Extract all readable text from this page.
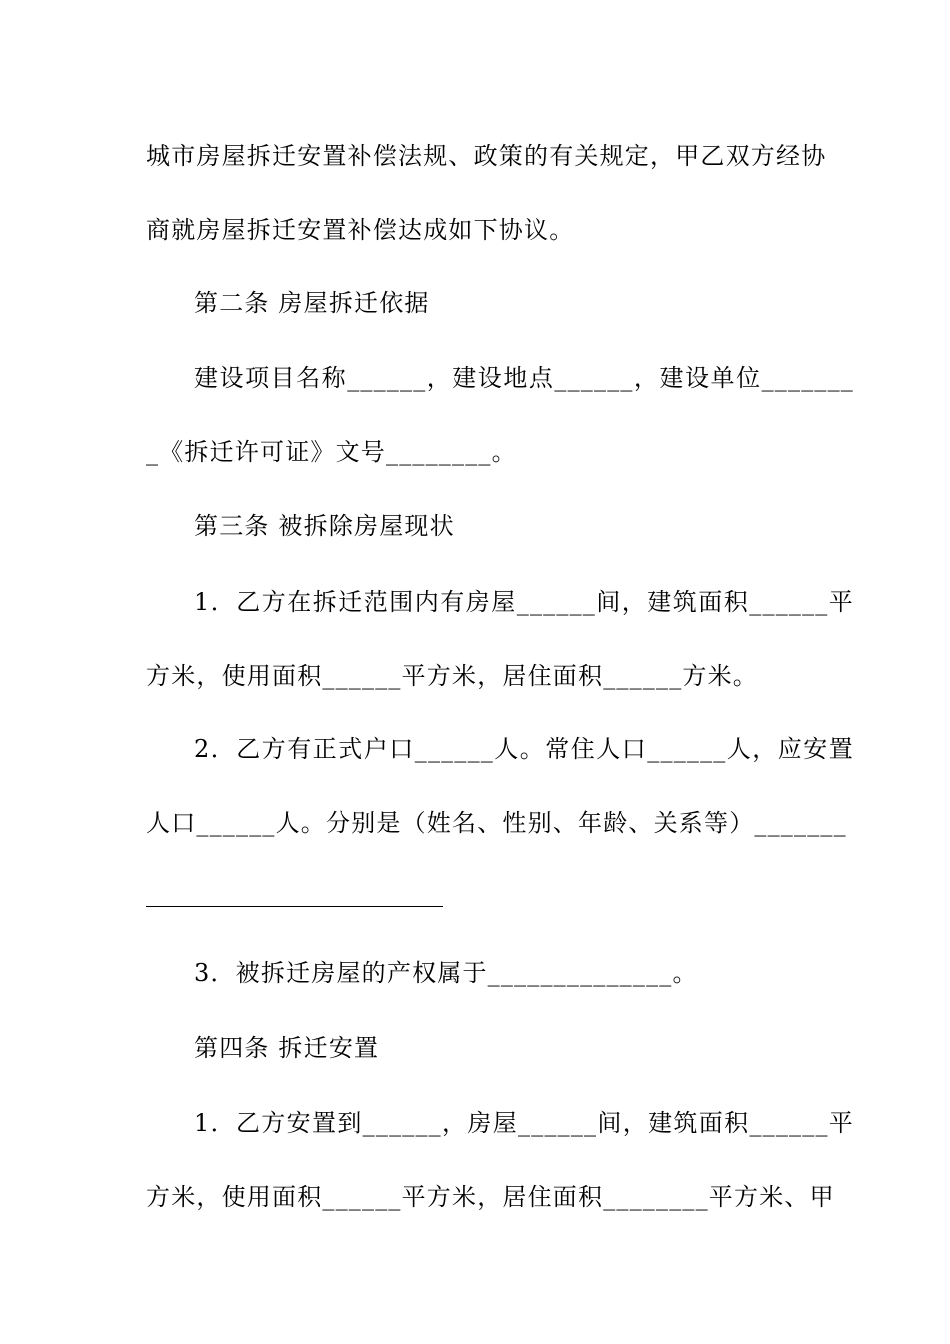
城市房屋拆迁安置补偿法规、政策的有关规定，甲乙双方经协
商就房屋拆迁安置补偿达成如下协议。
第二条 房屋拆迁依据
建设项目名称______，建设地点______，建设单位_______
_《拆迁许可证》文号________。
第三条 被拆除房屋现状
1．乙方在拆迁范围内有房屋______间，建筑面积______平
方米，使用面积______平方米，居住面积______方米。
2．乙方有正式户口______人。常住人口______人，应安置
人口______人。分别是（姓名、性别、年龄、关系等）_______
3．被拆迁房屋的产权属于______________。
第四条 拆迁安置
1．乙方安置到______，房屋______间，建筑面积______平
方米，使用面积______平方米，居住面积________平方米、甲
